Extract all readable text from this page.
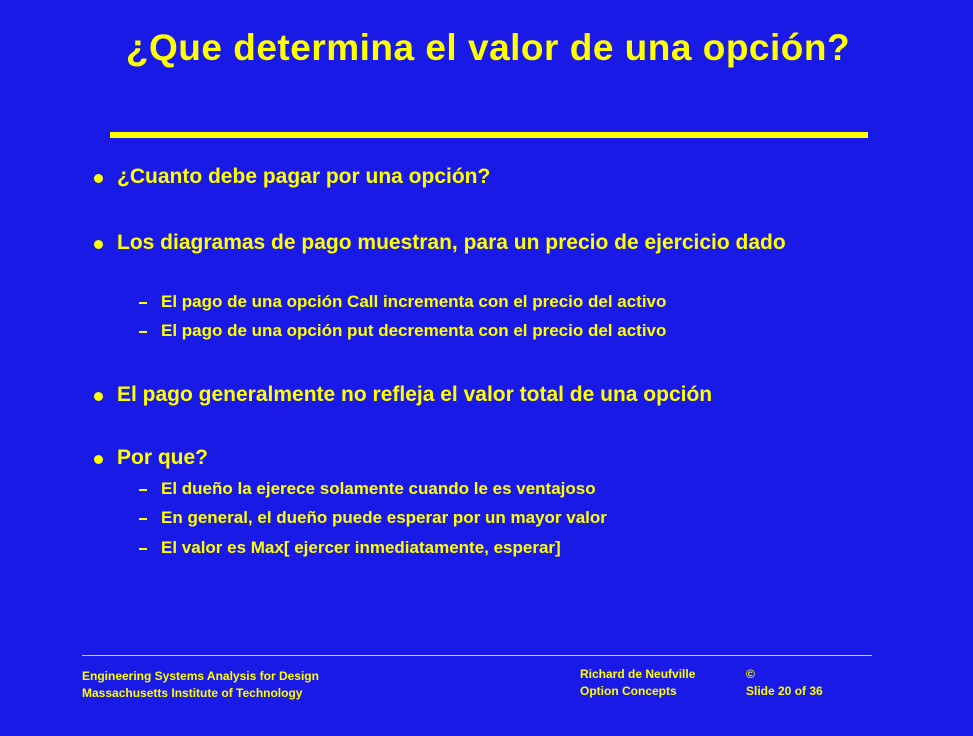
¿Que determina el valor de una opción?
¿Cuanto debe pagar por una opción?
Los diagramas de pago muestran, para un precio de ejercicio dado
El pago de una opción Call incrementa con el precio del activo
El pago de una opción put decrementa con el precio del activo
El pago generalmente no refleja el valor total de una opción
Por que?
El dueño la ejerece solamente cuando le es ventajoso
En general, el dueño puede esperar por un mayor valor
El valor es Max[ ejercer inmediatamente, esperar]
Engineering Systems Analysis for Design
Massachusetts Institute of Technology
Richard de Neufville	©
Option Concepts	Slide 20 of 36
